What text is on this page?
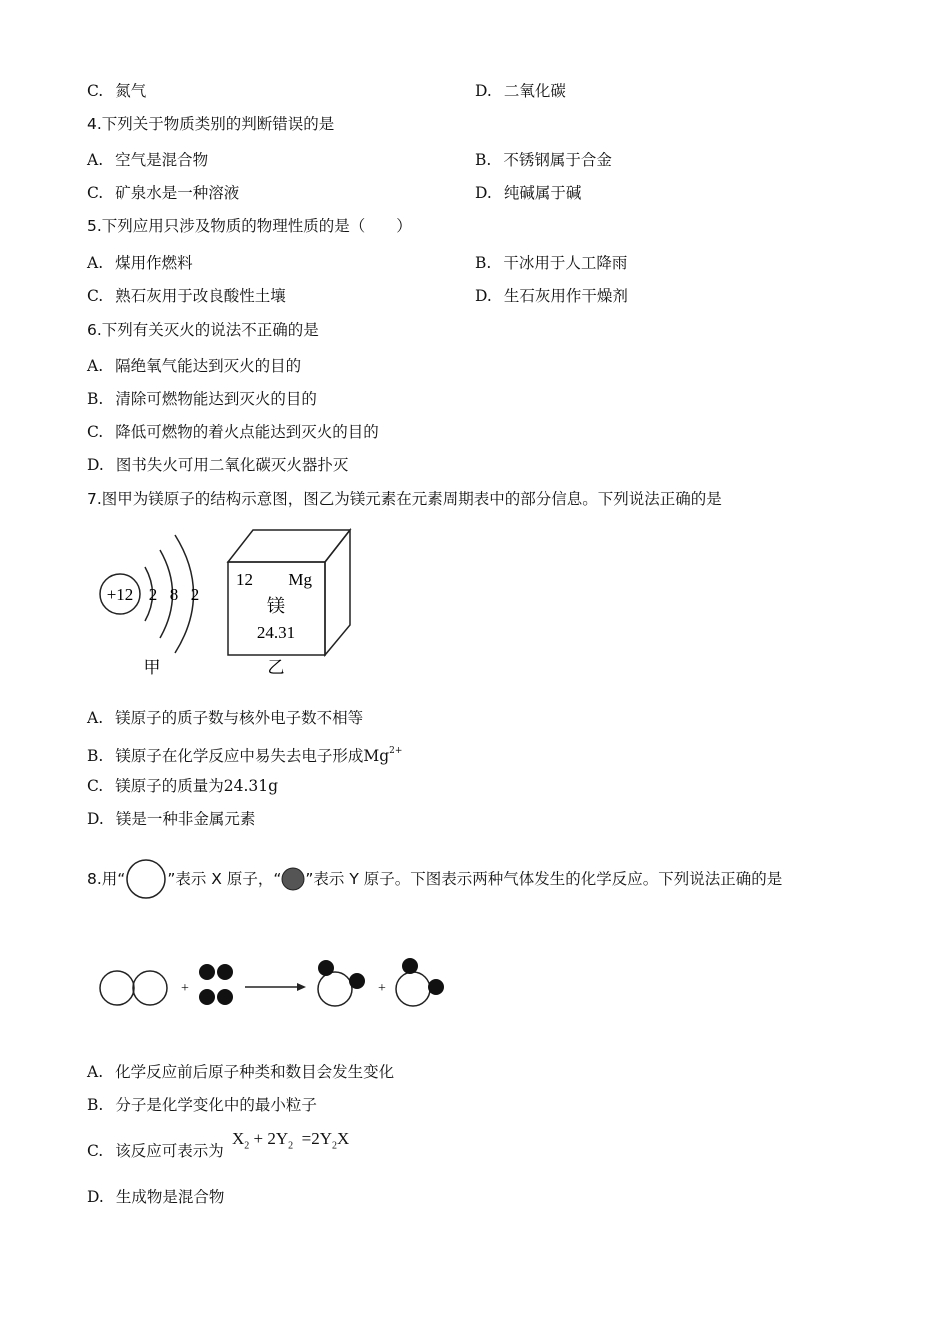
C. 氮气	D. 二氧化碳
4.下列关于物质类别的判断错误的是
A. 空气是混合物	B. 不锈钢属于合金
C. 矿泉水是一种溶液	D. 纯碱属于碱
5.下列应用只涉及物质的物理性质的是（　　）
A. 煤用作燃料	B. 干冰用于人工降雨
C. 熟石灰用于改良酸性土壤	D. 生石灰用作干燥剂
6.下列有关灭火的说法不正确的是
A. 隔绝氧气能达到灭火的目的
B. 清除可燃物能达到灭火的目的
C. 降低可燃物的着火点能达到灭火的目的
D. 图书失火可用二氧化碳灭火器扑灭
7.图甲为镁原子的结构示意图，图乙为镁元素在元素周期表中的部分信息。下列说法正确的是
+12 2 8 2
甲
12 Mg
镁
24.31
乙
A. 镁原子的质子数与核外电子数不相等
B. 镁原子在化学反应中易失去电子形成$Mg^{2+}$
C. 镁原子的质量为24.31g
D. 镁是一种非金属元素
8.用“	”表示 X 原子，“ ”表示 Y 原子。下图表示两种气体发生的化学反应。下列说法正确的是
+	+
A. 化学反应前后原子种类和数目会发生变化
B. 分子是化学变化中的最小粒子
C. 该反应可表示为
$X_2 + 2Y_2 =2Y_2X$
D. 生成物是混合物
